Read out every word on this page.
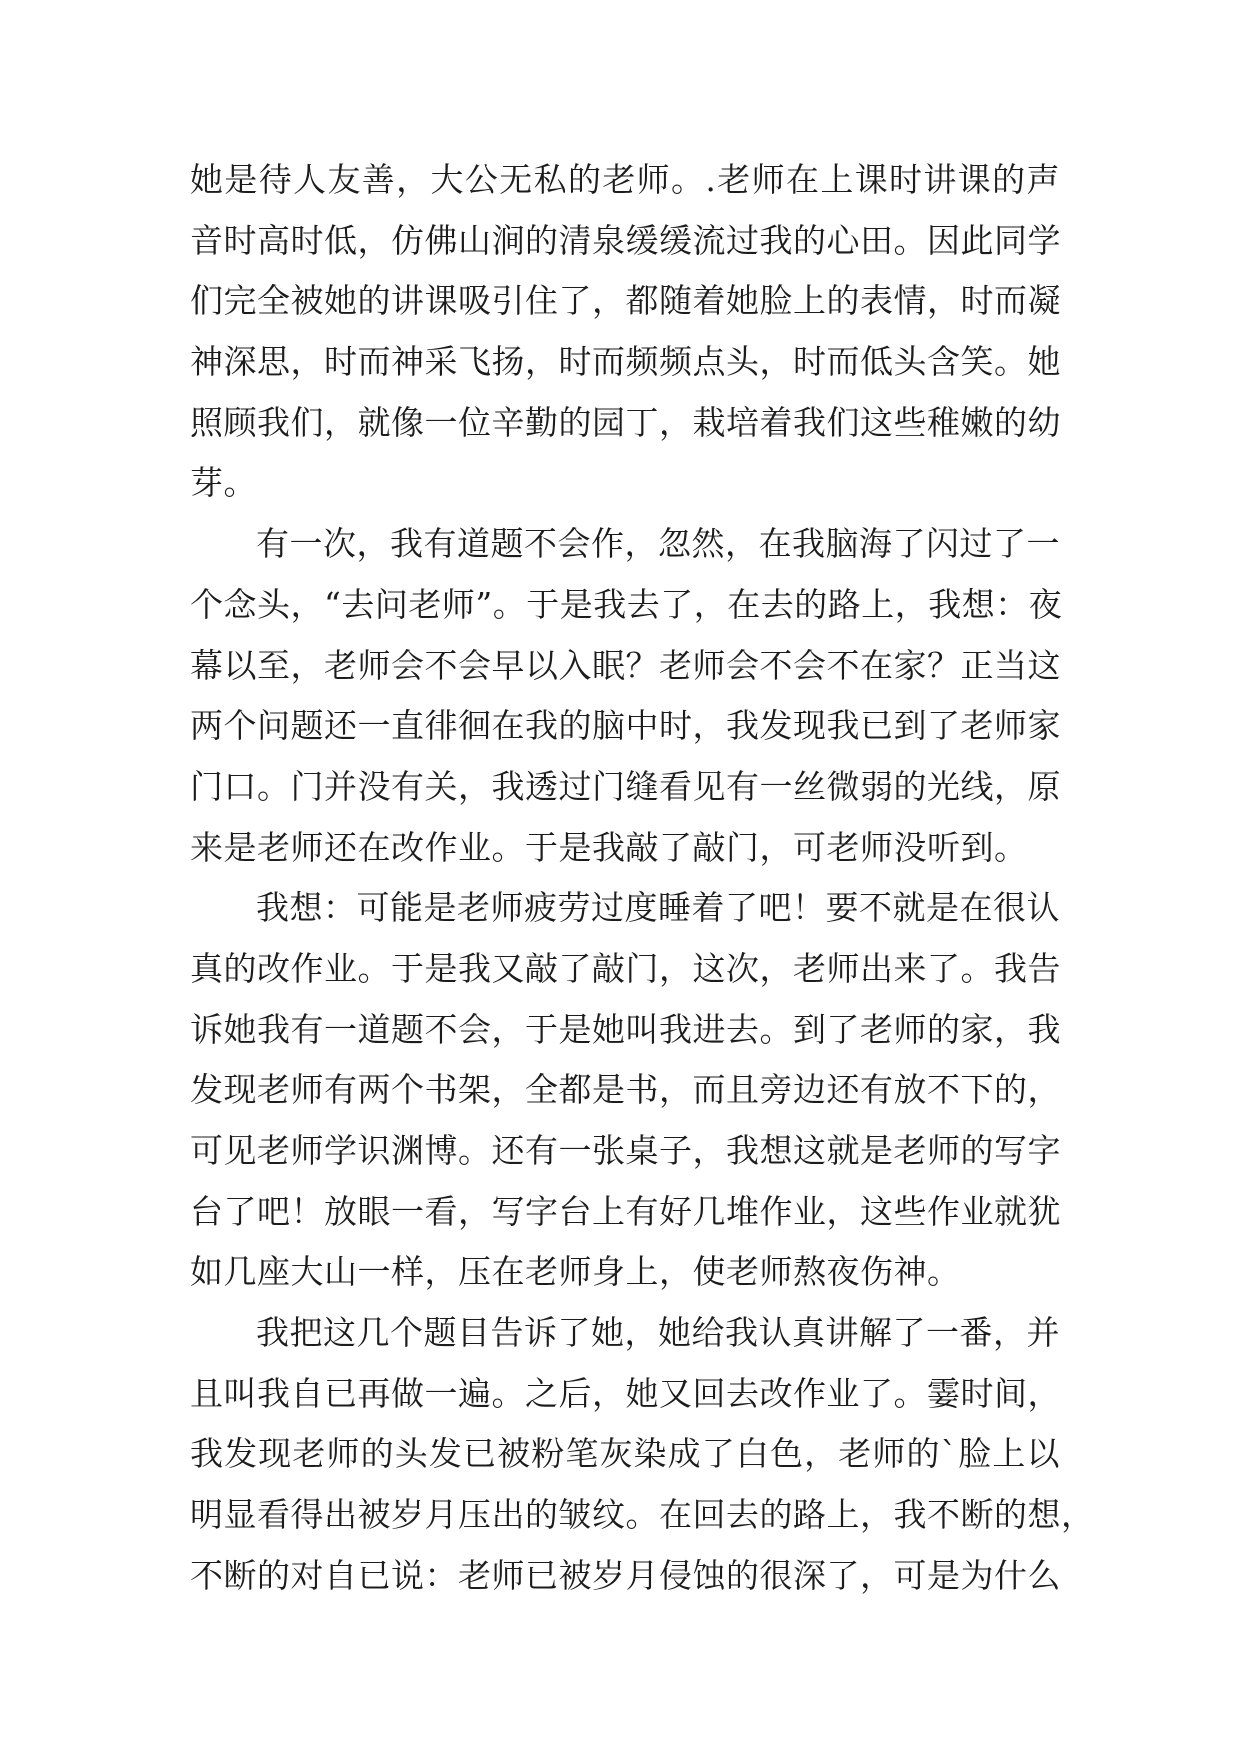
她是待人友善，大公无私的老师。.老师在上课时讲课的声
音时高时低，仿佛山涧的清泉缓缓流过我的心田。因此同学
们完全被她的讲课吸引住了，都随着她脸上的表情，时而凝
神深思，时而神采飞扬，时而频频点头，时而低头含笑。她
照顾我们，就像一位辛勤的园丁，栽培着我们这些稚嫩的幼
芽。
有一次，我有道题不会作，忽然，在我脑海了闪过了一
个念头，“去问老师”。于是我去了，在去的路上，我想：夜
幕以至，老师会不会早以入眠？老师会不会不在家？正当这
两个问题还一直徘徊在我的脑中时，我发现我已到了老师家
门口。门并没有关，我透过门缝看见有一丝微弱的光线，原
来是老师还在改作业。于是我敲了敲门，可老师没听到。
我想：可能是老师疲劳过度睡着了吧！要不就是在很认
真的改作业。于是我又敲了敲门，这次，老师出来了。我告
诉她我有一道题不会，于是她叫我进去。到了老师的家，我
发现老师有两个书架，全都是书，而且旁边还有放不下的，
可见老师学识渊博。还有一张桌子，我想这就是老师的写字
台了吧！放眼一看，写字台上有好几堆作业，这些作业就犹
如几座大山一样，压在老师身上，使老师熬夜伤神。
我把这几个题目告诉了她，她给我认真讲解了一番，并
且叫我自已再做一遍。之后，她又回去改作业了。霎时间，
我发现老师的头发已被粉笔灰染成了白色，老师的`脸上以
明显看得出被岁月压出的皱纹。在回去的路上，我不断的想，
不断的对自已说：老师已被岁月侵蚀的很深了，可是为什么
